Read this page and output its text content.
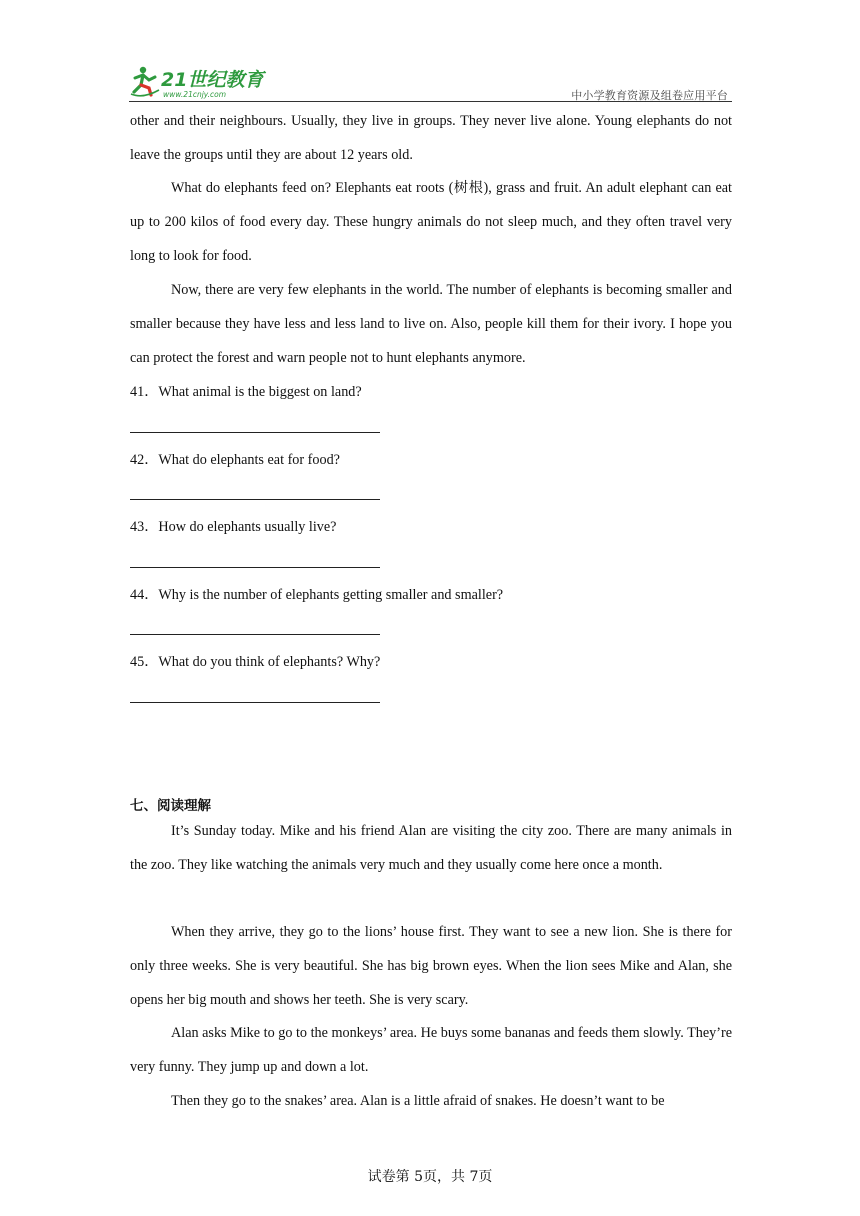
21世纪教育
www.21cnjy.com	中小学教育资源及组卷应用平台
other and their neighbours. Usually, they live in groups. They never live alone. Young elephants do not leave the groups until they are about 12 years old.
What do elephants feed on? Elephants eat roots (树根), grass and fruit. An adult elephant can eat up to 200 kilos of food every day. These hungry animals do not sleep much, and they often travel very long to look for food.
Now, there are very few elephants in the world. The number of elephants is becoming smaller and smaller because they have less and less land to live on. Also, people kill them for their ivory. I hope you can protect the forest and warn people not to hunt elephants anymore.
41．What animal is the biggest on land?
42．What do elephants eat for food?
43．How do elephants usually live?
44．Why is the number of elephants getting smaller and smaller?
45．What do you think of elephants? Why?
七、阅读理解
It’s Sunday today. Mike and his friend Alan are visiting the city zoo. There are many animals in the zoo. They like watching the animals very much and they usually come here once a month.
When they arrive, they go to the lions’ house first. They want to see a new lion. She is there for only three weeks. She is very beautiful. She has big brown eyes. When the lion sees Mike and Alan, she opens her big mouth and shows her teeth. She is very scary.
Alan asks Mike to go to the monkeys’ area. He buys some bananas and feeds them slowly. They’re very funny. They jump up and down a lot.
Then they go to the snakes’ area. Alan is a little afraid of snakes. He doesn’t want to be
试卷第 5页，共 7页
